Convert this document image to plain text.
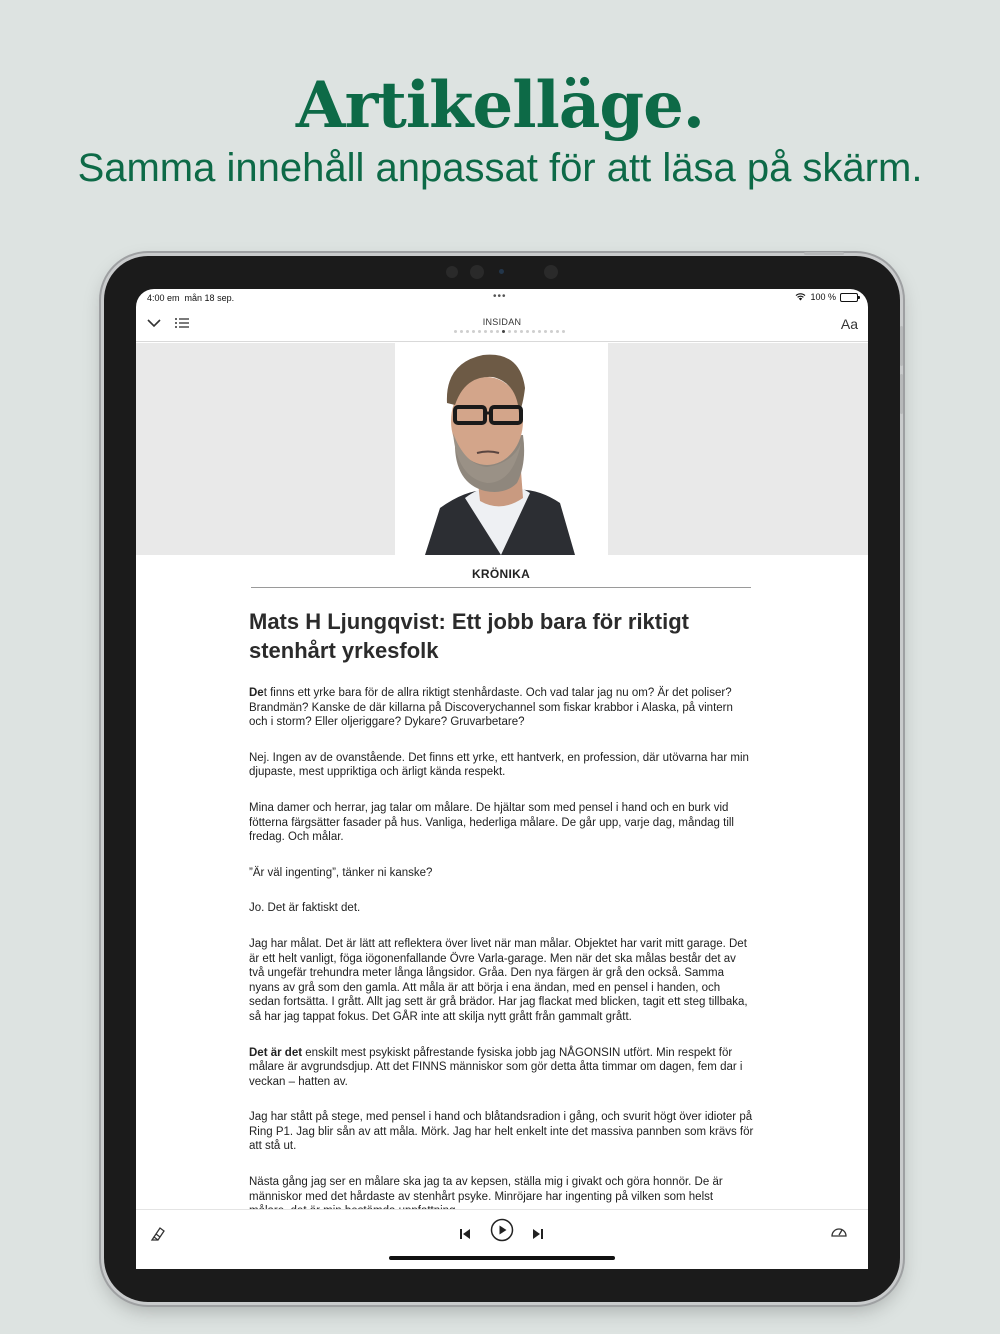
Artikelläge.
Samma innehåll anpassat för att läsa på skärm.
4:00 em mån 18 sep.	•••	100 %
INSIDAN	Aa
KRÖNIKA
Mats H Ljungqvist: Ett jobb bara för riktigt stenhårt yrkesfolk

Det finns ett yrke bara för de allra riktigt stenhårdaste. Och vad talar jag nu om? Är det poliser? Brandmän? Kanske de där killarna på Discoverychannel som fiskar krabbor i Alaska, på vintern och i storm? Eller oljeriggare? Dykare? Gruvarbetare?

Nej. Ingen av de ovanstående. Det finns ett yrke, ett hantverk, en profession, där utövarna har min djupaste, mest uppriktiga och ärligt kända respekt.

Mina damer och herrar, jag talar om målare. De hjältar som med pensel i hand och en burk vid fötterna färgsätter fasader på hus. Vanliga, hederliga målare. De går upp, varje dag, måndag till fredag. Och målar.

”Är väl ingenting”, tänker ni kanske?

Jo. Det är faktiskt det.

Jag har målat. Det är lätt att reflektera över livet när man målar. Objektet har varit mitt garage. Det är ett helt vanligt, föga iögonenfallande Övre Varla-garage. Men när det ska målas består det av två ungefär trehundra meter långa långsidor. Gråa. Den nya färgen är grå den också. Samma nyans av grå som den gamla. Att måla är att börja i ena ändan, med en pensel i handen, och sedan fortsätta. I grått. Allt jag sett är grå brädor. Har jag flackat med blicken, tagit ett steg tillbaka, så har jag tappat fokus. Det GÅR inte att skilja nytt grått från gammalt grått.

Det är det enskilt mest psykiskt påfrestande fysiska jobb jag NÅGONSIN utfört. Min respekt för målare är avgrundsdjup. Att det FINNS människor som gör detta åtta timmar om dagen, fem dar i veckan – hatten av.

Jag har stått på stege, med pensel i hand och blåtandsradion i gång, och svurit högt över idioter på Ring P1. Jag blir sån av att måla. Mörk. Jag har helt enkelt inte det massiva pannben som krävs för att stå ut.

Nästa gång jag ser en målare ska jag ta av kepsen, ställa mig i givakt och göra honnör. De är människor med det hårdaste av stenhårt psyke. Minröjare har ingenting på vilken som helst
